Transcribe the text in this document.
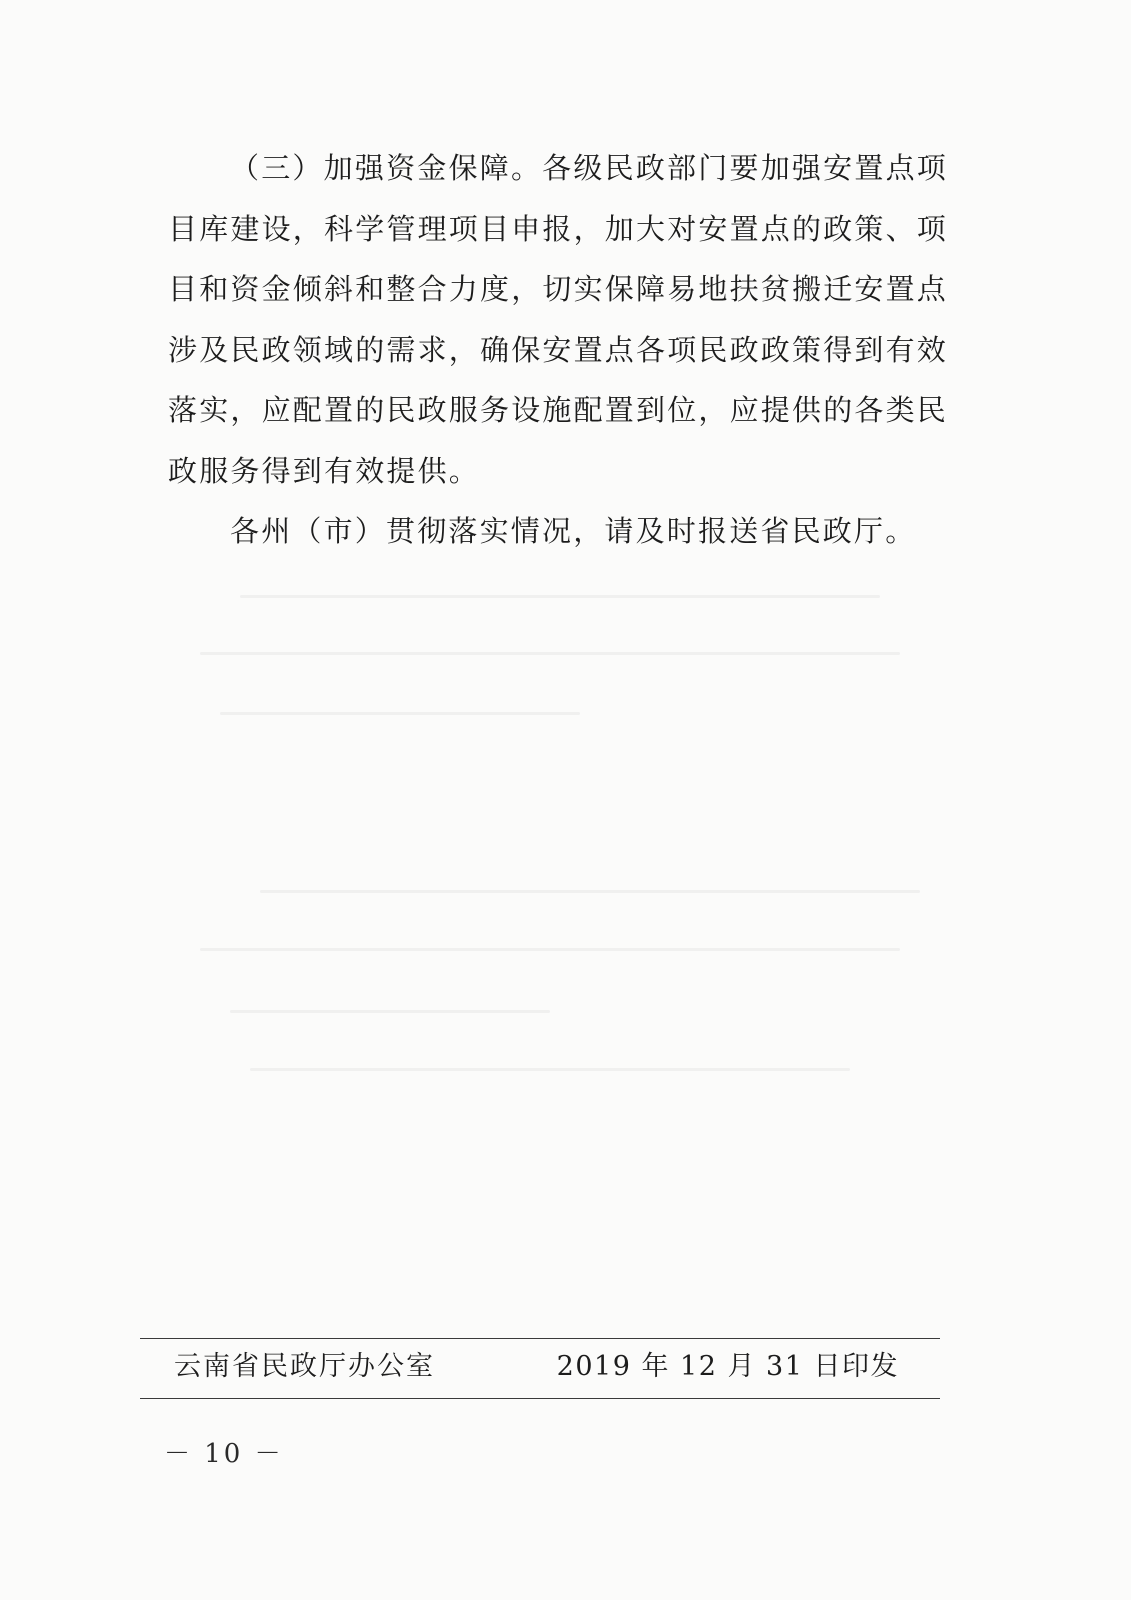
（三）加强资金保障。各级民政部门要加强安置点项目库建设，科学管理项目申报，加大对安置点的政策、项目和资金倾斜和整合力度，切实保障易地扶贫搬迁安置点涉及民政领域的需求，确保安置点各项民政政策得到有效落实，应配置的民政服务设施配置到位，应提供的各类民政服务得到有效提供。

各州（市）贯彻落实情况，请及时报送省民政厅。

云南省民政厅办公室	2019 年 12 月 31 日印发
－ 10 －
